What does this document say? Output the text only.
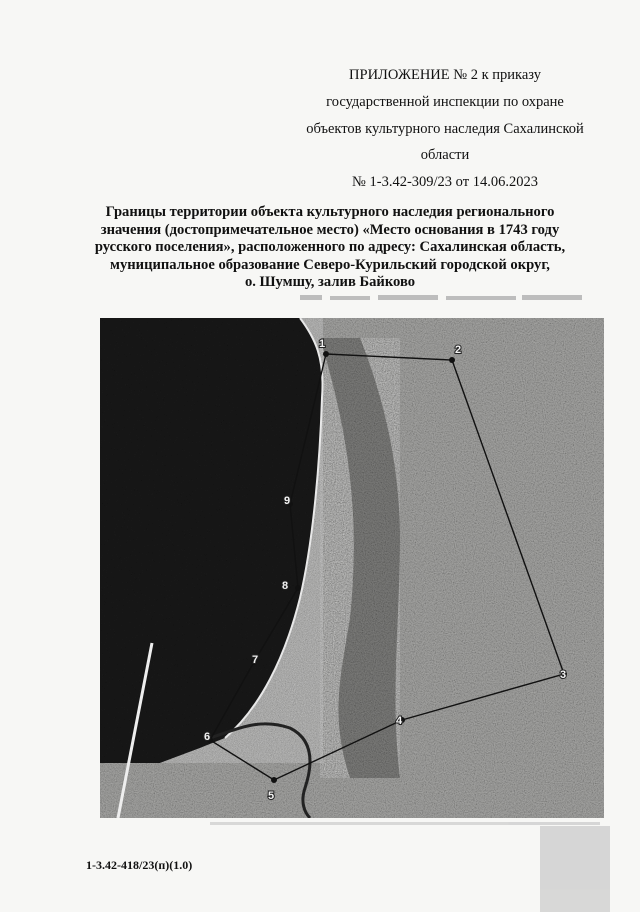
ПРИЛОЖЕНИЕ № 2 к приказу
государственной инспекции по охране
объектов культурного наследия Сахалинской
области
№ 1-3.42-309/23 от 14.06.2023
Границы территории объекта культурного наследия регионального
значения (достопримечательное место) «Место основания в 1743 году
русского поселения», расположенного по адресу: Сахалинская область,
муниципальное образование Северо-Курильский городской округ,
о. Шумшу, залив Байково
1	2
3
4
5
6
7
8
9
1-3.42-418/23(п)(1.0)
